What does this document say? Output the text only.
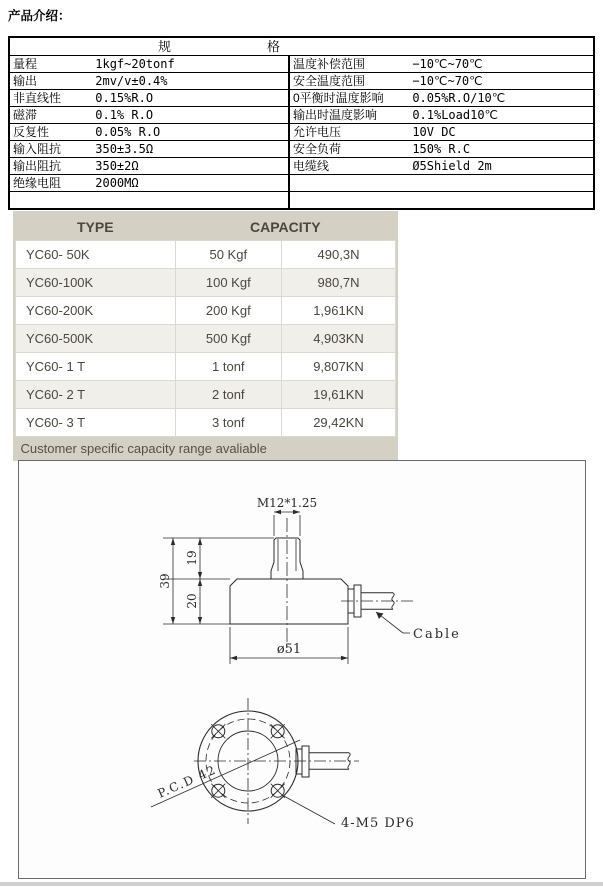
产品介绍：
规格			
量程	1kgf~20tonf	温度补偿范围	−10℃~70℃
输出	2mv/v±0.4%	安全温度范围	−10℃~70℃
非直线性	0.15%R.O	0平衡时温度影响	0.05%R.O/10℃
磁滞	0.1% R.O	输出时温度影响	0.1%Load10℃
反复性	0.05% R.O	允许电压	10V DC
输入阻抗	350±3.5Ω	安全负荷	150% R.C
输出阻抗	350±2Ω	电缆线	Ø5Shield 2m
绝缘电阻	2000MΩ		

TYPE	CAPACITY	
YC60- 50K	50 Kgf	490,3N
YC60-100K	100 Kgf	980,7N
YC60-200K	200 Kgf	1,961KN
YC60-500K	500 Kgf	4,903KN
YC60- 1 T	1 tonf	9,807KN
YC60- 2 T	2 tonf	19,61KN
YC60- 3 T	3 tonf	29,42KN
Customer specific capacity range avaliable		
M12*1.25
39
19
20
ø51
Cable
P.C.D 42
4-M5 DP6
